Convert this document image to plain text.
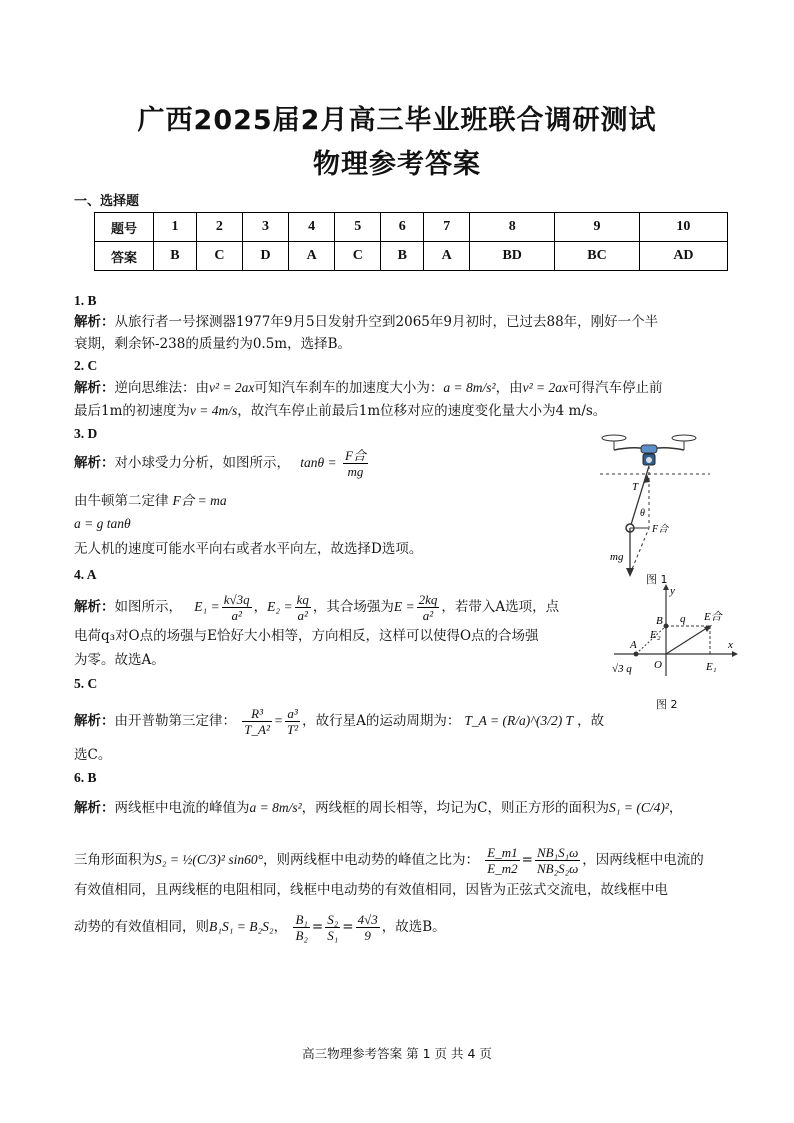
广西2025届2月高三毕业班联合调研测试
物理参考答案
一、选择题
题号	1	2	3	4	5	6	7	8	9	10
答案	B	C	D	A	C	B	A	BD	BC	AD
1. B
解析：从旅行者一号探测器1977年9月5日发射升空到2065年9月初时，已过去88年，刚好一个半
衰期，剩余钚-238的质量约为0.5m，选择B。
2. C
解析：逆向思维法：由v² = 2ax可知汽车刹车的加速度大小为：a = 8m/s²，由v² = 2ax可得汽车停止前
最后1m的初速度为v = 4m/s，故汽车停止前最后1m位移对应的速度变化量大小为4 m/s。
3. D
解析：对小球受力分析，如图所示， $\tan\theta = \frac{\text{F合}}{mg}$
由牛顿第二定律 F合 = ma
a = g tanθ
无人机的速度可能水平向右或者水平向左，故选择D选项。
T
θ
F合
mg
图 1
4. A
解析：如图所示， $E_1 = \frac{k√3q}{\text{a²}}$ ，$E_2 = \frac{kq}{\text{a²}}$ ，其合场强为$E = \frac{2kq}{\text{a²}}$ ，若带入A选项，点
电荷q₃对O点的场强与E恰好大小相等，方向相反，这样可以使得O点的合场强
为零。故选A。
y
B q E合
E₂
A	x
√3 q O	E₁
图 2
5. C
解析：由开普勒第三定律： $\frac{\text{R³}}{\text{T\_A²}} = \frac{\text{a³}}{\text{T²}}$ ，故行星A的运动周期为： T_A = (R/a)^(3/2) T ，故
选C。
6. B
解析：两线框中电流的峰值为a = 8m/s²，两线框的周长相等，均记为C，则正方形的面积为S₁ = (C/4)²，
三角形面积为S₂ = ½(C/3)² sin60°，则两线框中电动势的峰值之比为： $\frac{E\_m1}{E\_m2} = \frac{\text{NB₁S₁ω}}{\text{NB₂S₂ω}}$ ，因两线框中电流的
有效值相同，且两线框的电阻相同，线框中电动势的有效值相同，因皆为正弦式交流电，故线框中电
动势的有效值相同，则B₁S₁ = B₂S₂， $\frac{\text{B₁}}{\text{B₂}} = \frac{\text{S₂}}{\text{S₁}} = \frac{4√3}{9}$ ，故选B。
高三物理参考答案 第 1 页 共 4 页
